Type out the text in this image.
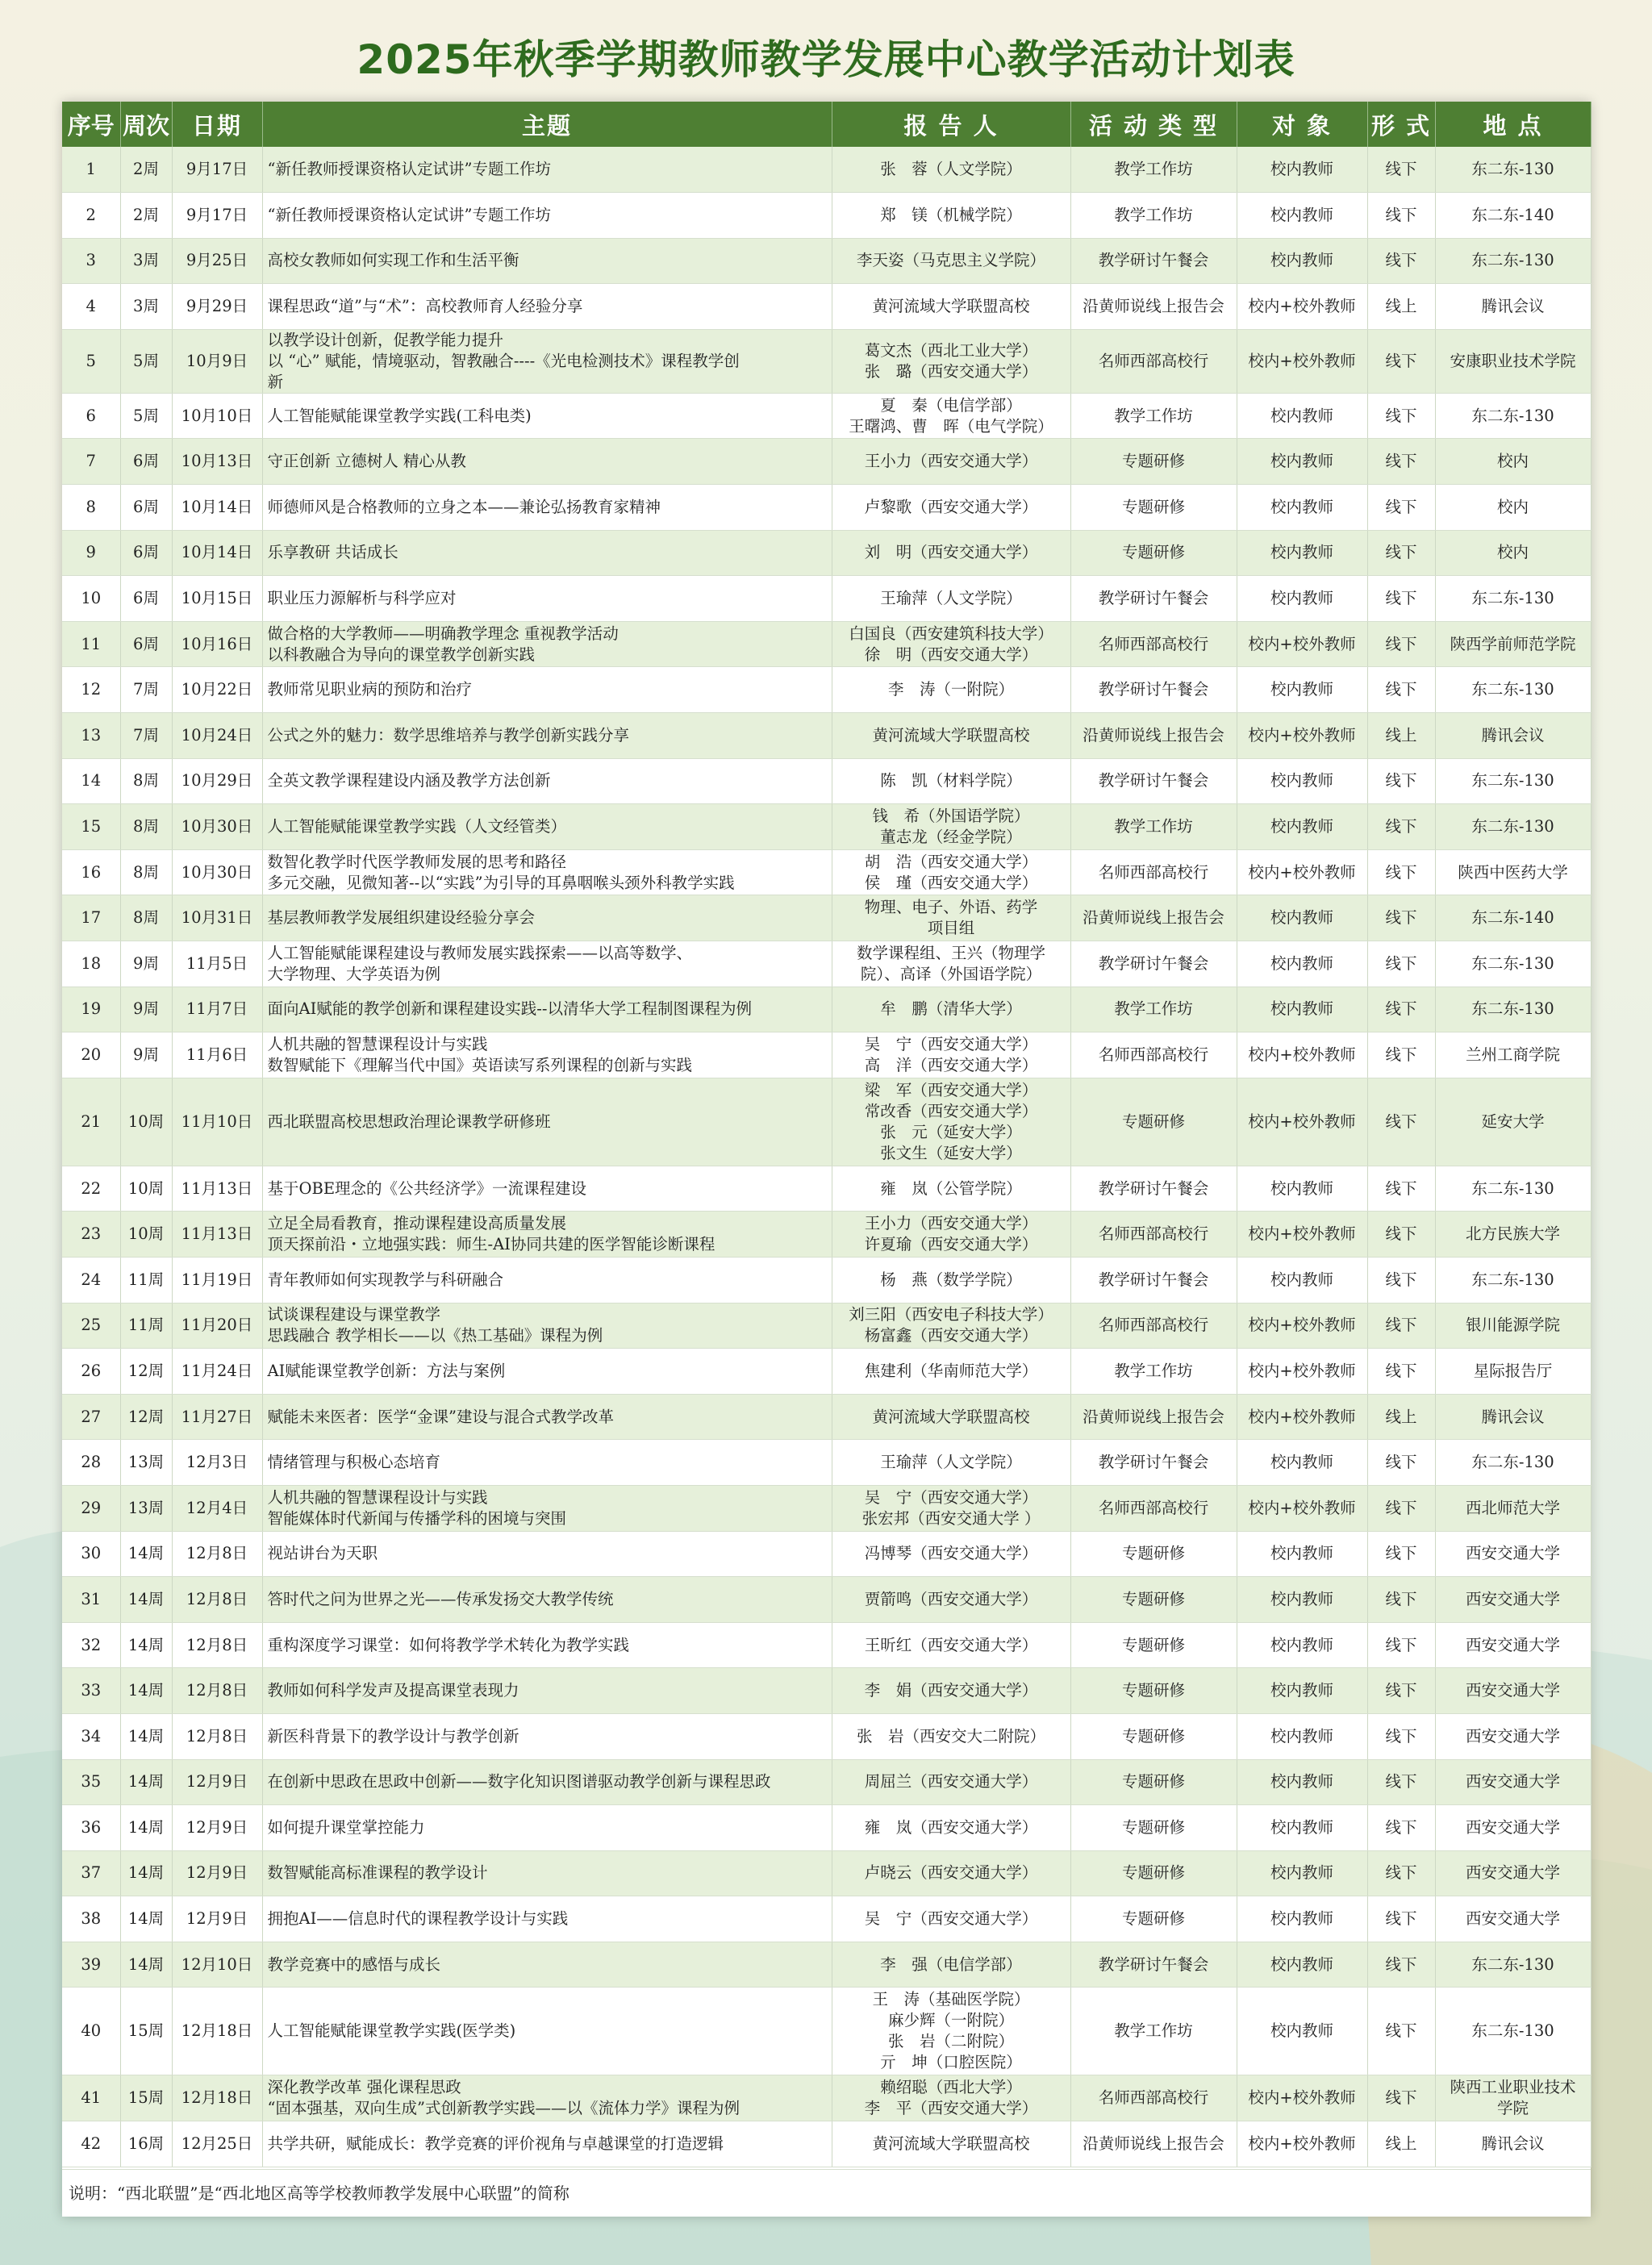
2025年秋季学期教师教学发展中心教学活动计划表
序号	周次	日期	主题	报 告 人	活 动 类 型	对 象	形 式	地 点
1	2周	9月17日	“新任教师授课资格认定试讲”专题工作坊	张　蓉（人文学院）	教学工作坊	校内教师	线下	东二东-130

2	2周	9月17日	“新任教师授课资格认定试讲”专题工作坊	郑　镁（机械学院）	教学工作坊	校内教师	线下	东二东-140

3	3周	9月25日	高校女教师如何实现工作和生活平衡	李天姿（马克思主义学院）	教学研讨午餐会	校内教师	线下	东二东-130

4	3周	9月29日	课程思政“道”与“术”：高校教师育人经验分享	黄河流域大学联盟高校	沿黄师说线上报告会	校内+校外教师	线上	腾讯会议

5	5周	10月9日	以教学设计创新，促教学能力提升
以 “心” 赋能，情境驱动，智教融合----《光电检测技术》课程教学创
新	葛文杰（西北工业大学）
张　璐（西安交通大学）	名师西部高校行	校内+校外教师	线下	安康职业技术学院

6	5周	10月10日	人工智能赋能课堂教学实践(工科电类)	夏　秦（电信学部）
王曙鸿、曹　晖（电气学院）	教学工作坊	校内教师	线下	东二东-130

7	6周	10月13日	守正创新 立德树人 精心从教	王小力（西安交通大学）	专题研修	校内教师	线下	校内

8	6周	10月14日	师德师风是合格教师的立身之本——兼论弘扬教育家精神	卢黎歌（西安交通大学）	专题研修	校内教师	线下	校内

9	6周	10月14日	乐享教研 共话成长	刘　明（西安交通大学）	专题研修	校内教师	线下	校内

10	6周	10月15日	职业压力源解析与科学应对	王瑜萍（人文学院）	教学研讨午餐会	校内教师	线下	东二东-130

11	6周	10月16日	做合格的大学教师——明确教学理念 重视教学活动
以科教融合为导向的课堂教学创新实践	白国良（西安建筑科技大学）
徐　明（西安交通大学）	名师西部高校行	校内+校外教师	线下	陕西学前师范学院

12	7周	10月22日	教师常见职业病的预防和治疗	李　涛（一附院）	教学研讨午餐会	校内教师	线下	东二东-130

13	7周	10月24日	公式之外的魅力：数学思维培养与教学创新实践分享	黄河流域大学联盟高校	沿黄师说线上报告会	校内+校外教师	线上	腾讯会议

14	8周	10月29日	全英文教学课程建设内涵及教学方法创新	陈　凯（材料学院）	教学研讨午餐会	校内教师	线下	东二东-130

15	8周	10月30日	人工智能赋能课堂教学实践（人文经管类）	钱　希（外国语学院）
董志龙（经金学院）	教学工作坊	校内教师	线下	东二东-130

16	8周	10月30日	数智化教学时代医学教师发展的思考和路径
多元交融，见微知著--以“实践”为引导的耳鼻咽喉头颈外科教学实践	胡　浩（西安交通大学）
侯　瑾（西安交通大学）	名师西部高校行	校内+校外教师	线下	陕西中医药大学

17	8周	10月31日	基层教师教学发展组织建设经验分享会	物理、电子、外语、药学
项目组	沿黄师说线上报告会	校内教师	线下	东二东-140

18	9周	11月5日	人工智能赋能课程建设与教师发展实践探索——以高等数学、
大学物理、大学英语为例	数学课程组、王兴（物理学
院）、高译（外国语学院）	教学研讨午餐会	校内教师	线下	东二东-130

19	9周	11月7日	面向AI赋能的教学创新和课程建设实践--以清华大学工程制图课程为例	牟　鹏（清华大学）	教学工作坊	校内教师	线下	东二东-130

20	9周	11月6日	人机共融的智慧课程设计与实践
数智赋能下《理解当代中国》英语读写系列课程的创新与实践	吴　宁（西安交通大学）
高　洋（西安交通大学）	名师西部高校行	校内+校外教师	线下	兰州工商学院

21	10周	11月10日	西北联盟高校思想政治理论课教学研修班	梁　军（西安交通大学）
常改香（西安交通大学）
张　元（延安大学）
张文生（延安大学）	专题研修	校内+校外教师	线下	延安大学

22	10周	11月13日	基于OBE理念的《公共经济学》一流课程建设	雍　岚（公管学院）	教学研讨午餐会	校内教师	线下	东二东-130

23	10周	11月13日	立足全局看教育，推动课程建设高质量发展
顶天探前沿・立地强实践：师生-AI协同共建的医学智能诊断课程	王小力（西安交通大学）
许夏瑜（西安交通大学）	名师西部高校行	校内+校外教师	线下	北方民族大学

24	11周	11月19日	青年教师如何实现教学与科研融合	杨　燕（数学学院）	教学研讨午餐会	校内教师	线下	东二东-130

25	11周	11月20日	试谈课程建设与课堂教学
思践融合 教学相长——以《热工基础》课程为例	刘三阳（西安电子科技大学）
杨富鑫（西安交通大学）	名师西部高校行	校内+校外教师	线下	银川能源学院

26	12周	11月24日	AI赋能课堂教学创新：方法与案例	焦建利（华南师范大学）	教学工作坊	校内+校外教师	线下	星际报告厅

27	12周	11月27日	赋能未来医者：医学“金课”建设与混合式教学改革	黄河流域大学联盟高校	沿黄师说线上报告会	校内+校外教师	线上	腾讯会议

28	13周	12月3日	情绪管理与积极心态培育	王瑜萍（人文学院）	教学研讨午餐会	校内教师	线下	东二东-130

29	13周	12月4日	人机共融的智慧课程设计与实践
智能媒体时代新闻与传播学科的困境与突围	吴　宁（西安交通大学）
张宏邦（西安交通大学 ）	名师西部高校行	校内+校外教师	线下	西北师范大学

30	14周	12月8日	视站讲台为天职	冯博琴（西安交通大学）	专题研修	校内教师	线下	西安交通大学

31	14周	12月8日	答时代之问为世界之光——传承发扬交大教学传统	贾箭鸣（西安交通大学）	专题研修	校内教师	线下	西安交通大学

32	14周	12月8日	重构深度学习课堂：如何将教学学术转化为教学实践	王昕红（西安交通大学）	专题研修	校内教师	线下	西安交通大学

33	14周	12月8日	教师如何科学发声及提高课堂表现力	李　娟（西安交通大学）	专题研修	校内教师	线下	西安交通大学

34	14周	12月8日	新医科背景下的教学设计与教学创新	张　岩（西安交大二附院）	专题研修	校内教师	线下	西安交通大学

35	14周	12月9日	在创新中思政在思政中创新——数字化知识图谱驱动教学创新与课程思政	周屈兰（西安交通大学）	专题研修	校内教师	线下	西安交通大学

36	14周	12月9日	如何提升课堂掌控能力	雍　岚（西安交通大学）	专题研修	校内教师	线下	西安交通大学

37	14周	12月9日	数智赋能高标准课程的教学设计	卢晓云（西安交通大学）	专题研修	校内教师	线下	西安交通大学

38	14周	12月9日	拥抱AI——信息时代的课程教学设计与实践	吴　宁（西安交通大学）	专题研修	校内教师	线下	西安交通大学

39	14周	12月10日	教学竞赛中的感悟与成长	李　强（电信学部）	教学研讨午餐会	校内教师	线下	东二东-130

40	15周	12月18日	人工智能赋能课堂教学实践(医学类)	王　涛（基础医学院）
麻少辉（一附院）
张　岩（二附院）
亓　坤（口腔医院）	教学工作坊	校内教师	线下	东二东-130

41	15周	12月18日	深化教学改革 强化课程思政
“固本强基，双向生成”式创新教学实践——以《流体力学》课程为例	赖绍聪（西北大学）
李　平（西安交通大学）	名师西部高校行	校内+校外教师	线下	陕西工业职业技术
学院

42	16周	12月25日	共学共研，赋能成长：教学竞赛的评价视角与卓越课堂的打造逻辑	黄河流域大学联盟高校	沿黄师说线上报告会	校内+校外教师	线上	腾讯会议
说明：“西北联盟”是“西北地区高等学校教师教学发展中心联盟”的简称
